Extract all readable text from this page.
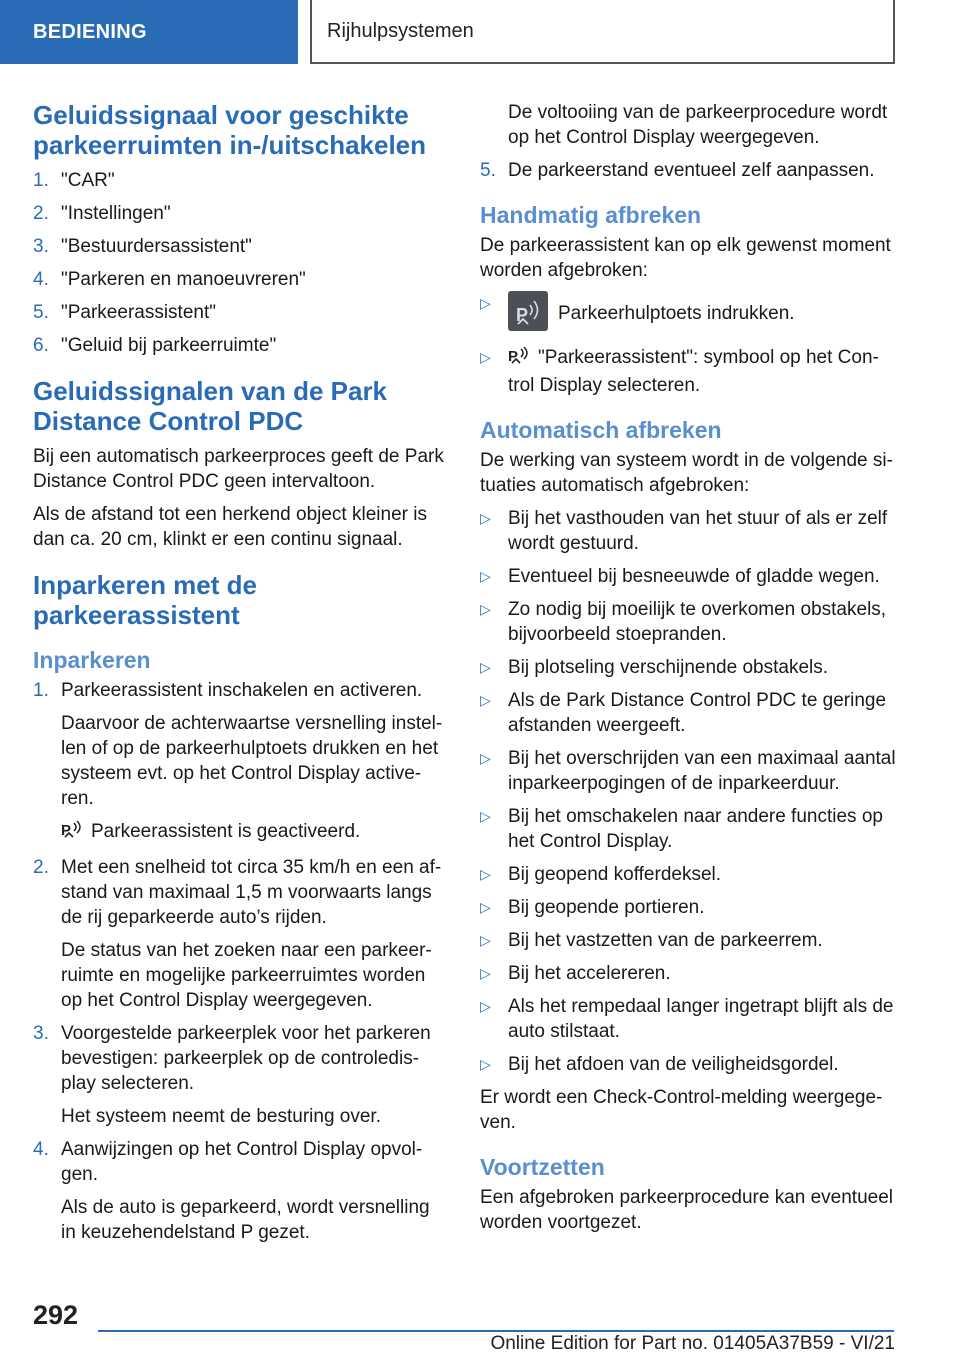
BEDIENING	Rijhulpsystemen
Geluidssignaal voor geschikte parkeerruimten in-/uitschakelen
1. "CAR"
2. "Instellingen"
3. "Bestuurdersassistent"
4. "Parkeren en manoeuvreren"
5. "Parkeerassistent"
6. "Geluid bij parkeerruimte"
Geluidssignalen van de Park Distance Control PDC

Bij een automatisch parkeerproces geeft de Park Distance Control PDC geen intervaltoon.

Als de afstand tot een herkend object kleiner is dan ca. 20 cm, klinkt er een continu signaal.

Inparkeren met de parkeerassistent
Inparkeren
1. Parkeerassistent inschakelen en activeren.
Daarvoor de achterwaartse versnelling instel-len of op de parkeerhulptoets drukken en het systeem evt. op het Control Display active-ren.
P Parkeerassistent is geactiveerd.
2. Met een snelheid tot circa 35 km/h en een af-stand van maximaal 1,5 m voorwaarts langs de rij geparkeerde auto’s rijden.
De status van het zoeken naar een parkeer-ruimte en mogelijke parkeerruimtes worden op het Control Display weergegeven.
3. Voorgestelde parkeerplek voor het parkeren bevestigen: parkeerplek op de controledis-play selecteren.
Het systeem neemt de besturing over.
4. Aanwijzingen op het Control Display opvol-gen.
Als de auto is geparkeerd, wordt versnelling in keuzehendelstand P gezet.
De voltooiing van de parkeerprocedure wordt op het Control Display weergegeven.
5. De parkeerstand eventueel zelf aanpassen.
Handmatig afbreken

De parkeerassistent kan op elk gewenst moment worden afgebroken:

▷
P Parkeerhulptoets indrukken.
▷	P "Parkeerassistent": symbool op het Con-trol Display selecteren.
Automatisch afbreken

De werking van systeem wordt in de volgende si-tuaties automatisch afgebroken:

▷ Bij het vasthouden van het stuur of als er zelf wordt gestuurd.
▷ Eventueel bij besneeuwde of gladde wegen.
▷ Zo nodig bij moeilijk te overkomen obstakels, bijvoorbeeld stoepranden.
▷ Bij plotseling verschijnende obstakels.
▷ Als de Park Distance Control PDC te geringe afstanden weergeeft.
▷ Bij het overschrijden van een maximaal aantal inparkeerpogingen of de inparkeerduur.
▷ Bij het omschakelen naar andere functies op het Control Display.
▷ Bij geopend kofferdeksel.
▷ Bij geopende portieren.
▷ Bij het vastzetten van de parkeerrem.
▷ Bij het accelereren.
▷ Als het rempedaal langer ingetrapt blijft als de auto stilstaat.
▷ Bij het afdoen van de veiligheidsgordel.

Er wordt een Check-Control-melding weergege-ven.

Voortzetten

Een afgebroken parkeerprocedure kan eventueel worden voortgezet.

292
Online Edition for Part no. 01405A37B59 - VI/21
